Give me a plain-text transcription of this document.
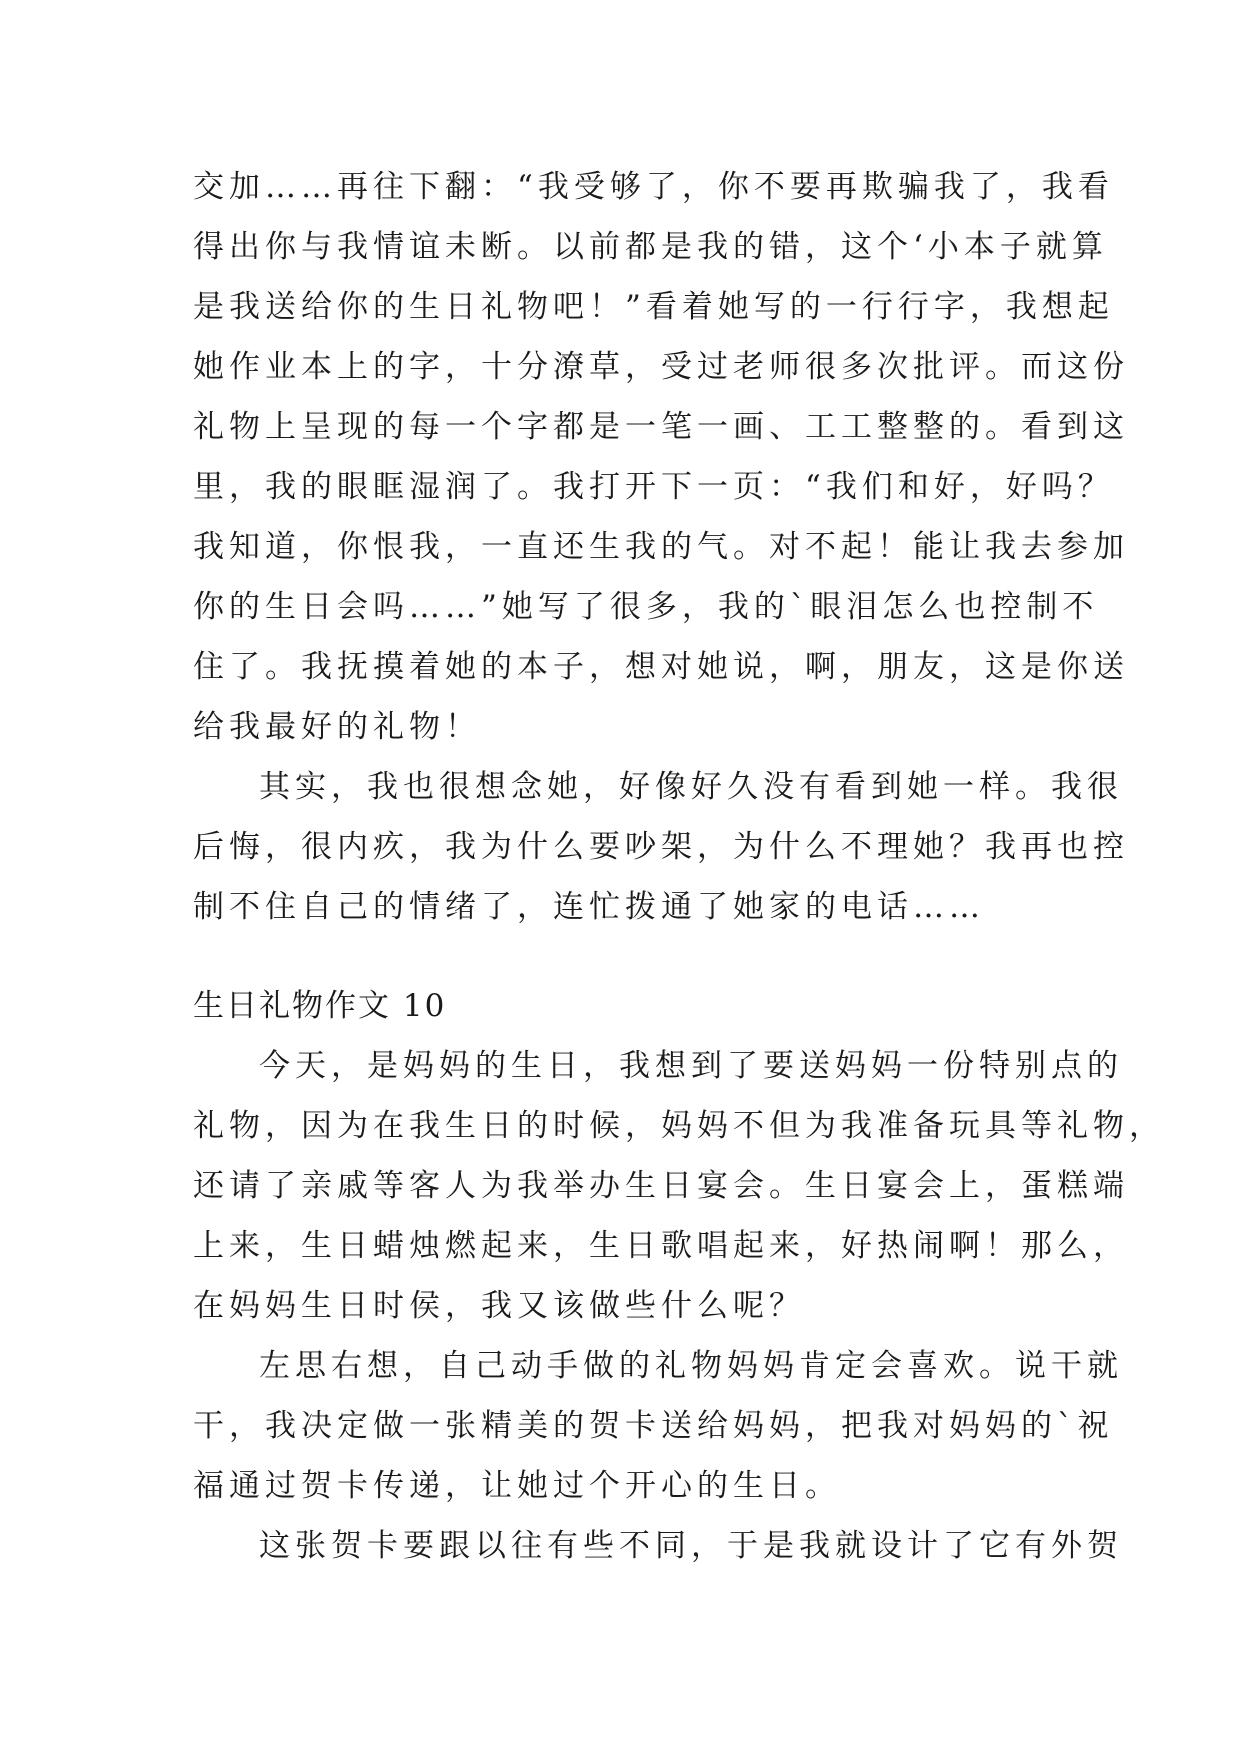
交加……再往下翻：“我受够了，你不要再欺骗我了，我看
得出你与我情谊未断。以前都是我的错，这个‘小本子就算
是我送给你的生日礼物吧！”看着她写的一行行字，我想起
她作业本上的字，十分潦草，受过老师很多次批评。而这份
礼物上呈现的每一个字都是一笔一画、工工整整的。看到这
里，我的眼眶湿润了。我打开下一页：“我们和好，好吗？
我知道，你恨我，一直还生我的气。对不起！能让我去参加
你的生日会吗……”她写了很多，我的`眼泪怎么也控制不
住了。我抚摸着她的本子，想对她说，啊，朋友，这是你送
给我最好的礼物！
其实，我也很想念她，好像好久没有看到她一样。我很
后悔，很内疚，我为什么要吵架，为什么不理她？我再也控
制不住自己的情绪了，连忙拨通了她家的电话……
生日礼物作文 10
今天，是妈妈的生日，我想到了要送妈妈一份特别点的
礼物，因为在我生日的时候，妈妈不但为我准备玩具等礼物，
还请了亲戚等客人为我举办生日宴会。生日宴会上，蛋糕端
上来，生日蜡烛燃起来，生日歌唱起来，好热闹啊！那么，
在妈妈生日时侯，我又该做些什么呢？
左思右想，自己动手做的礼物妈妈肯定会喜欢。说干就
干，我决定做一张精美的贺卡送给妈妈，把我对妈妈的`祝
福通过贺卡传递，让她过个开心的生日。
这张贺卡要跟以往有些不同，于是我就设计了它有外贺
